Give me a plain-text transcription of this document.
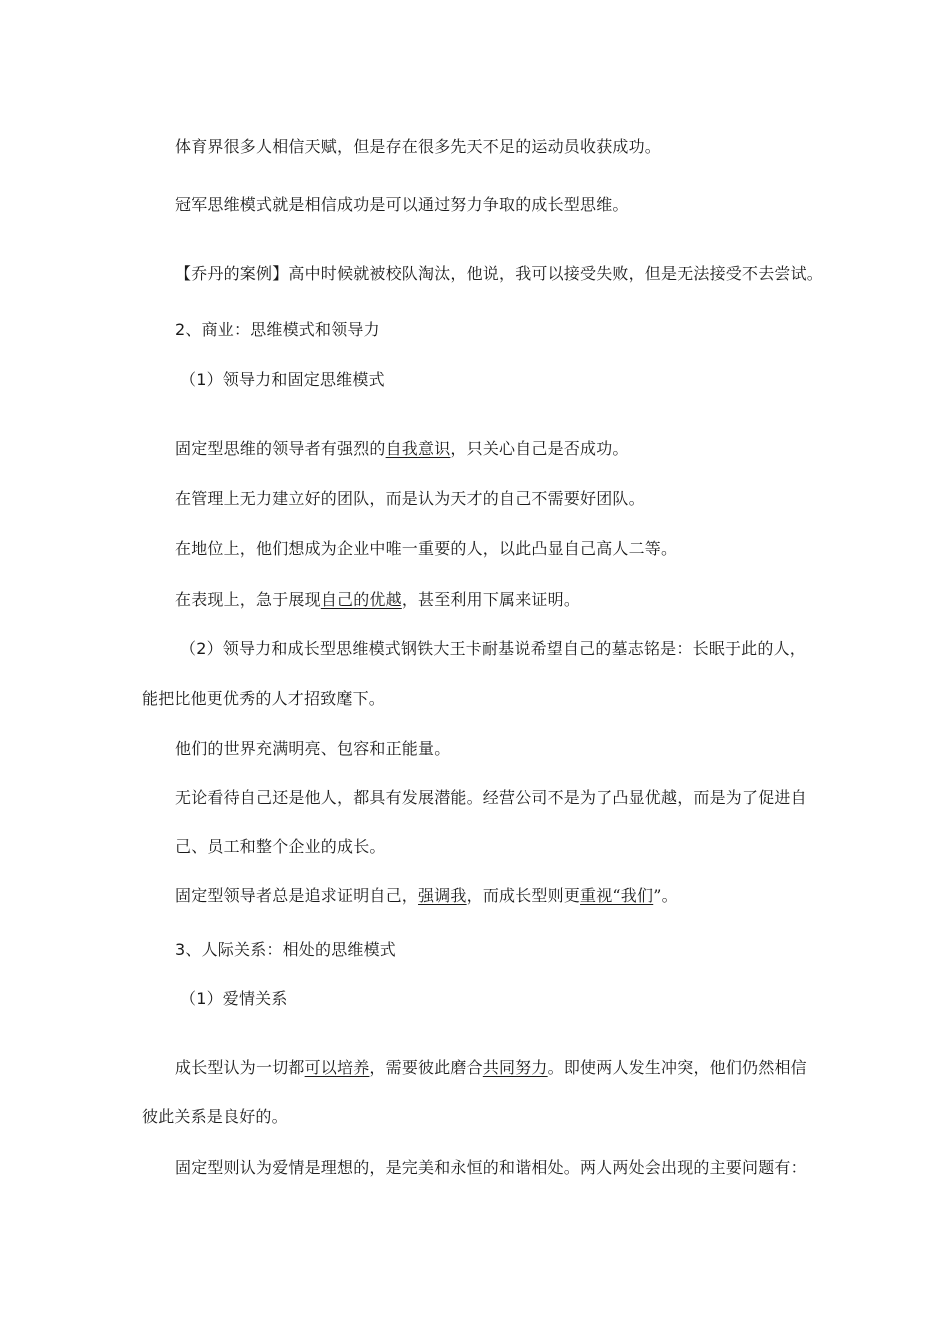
体育界很多人相信天赋，但是存在很多先天不足的运动员收获成功。
冠军思维模式就是相信成功是可以通过努力争取的成长型思维。
【乔丹的案例】高中时候就被校队淘汰，他说，我可以接受失败，但是无法接受不去尝试。
2、商业：思维模式和领导力
（1）领导力和固定思维模式
固定型思维的领导者有强烈的自我意识，只关心自己是否成功。
在管理上无力建立好的团队，而是认为天才的自己不需要好团队。
在地位上，他们想成为企业中唯一重要的人，以此凸显自己高人二等。
在表现上，急于展现自己的优越，甚至利用下属来证明。
（2）领导力和成长型思维模式钢铁大王卡耐基说希望自己的墓志铭是：长眠于此的人，
能把比他更优秀的人才招致麾下。
他们的世界充满明亮、包容和正能量。
无论看待自己还是他人，都具有发展潜能。经营公司不是为了凸显优越，而是为了促进自
己、员工和整个企业的成长。
固定型领导者总是追求证明自己，强调我，而成长型则更重视“我们”。
3、人际关系：相处的思维模式
（1）爱情关系
成长型认为一切都可以培养，需要彼此磨合共同努力。即使两人发生冲突，他们仍然相信
彼此关系是良好的。
固定型则认为爱情是理想的，是完美和永恒的和谐相处。两人两处会出现的主要问题有：
